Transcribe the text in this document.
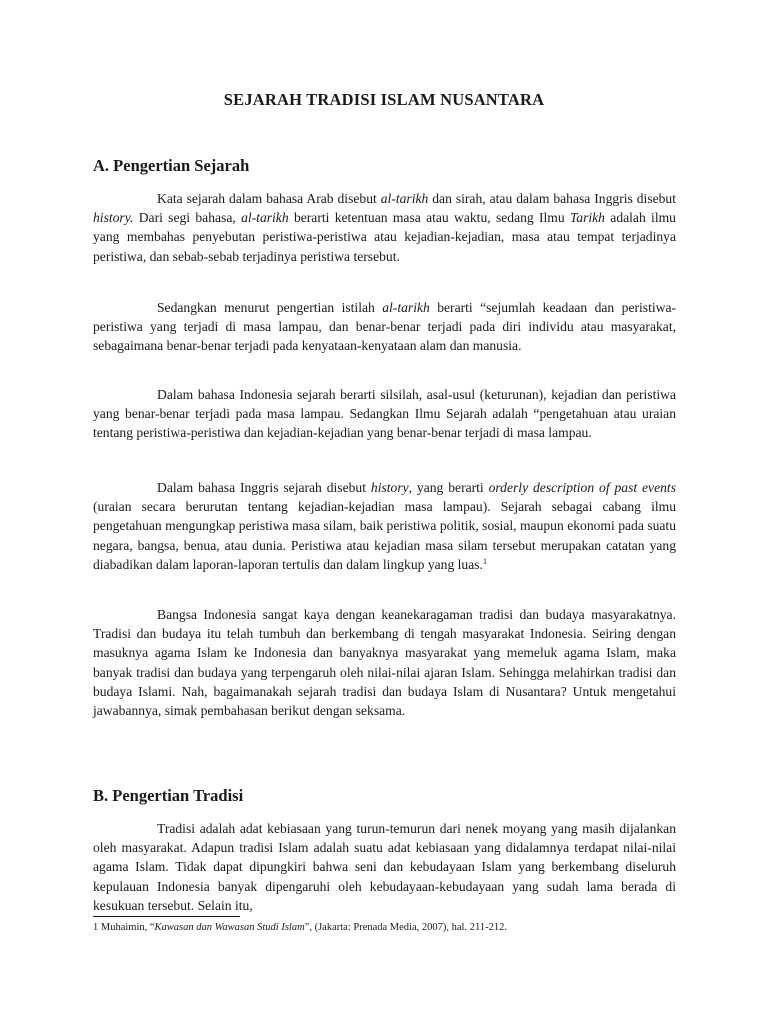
SEJARAH TRADISI ISLAM NUSANTARA
A. Pengertian Sejarah

Kata sejarah dalam bahasa Arab disebut al-tarikh dan sirah, atau dalam bahasa Inggris disebut history. Dari segi bahasa, al-tarikh berarti ketentuan masa atau waktu, sedang Ilmu Tarikh adalah ilmu yang membahas penyebutan peristiwa-peristiwa atau kejadian-kejadian, masa atau tempat terjadinya peristiwa, dan sebab-sebab terjadinya peristiwa tersebut.

Sedangkan menurut pengertian istilah al-tarikh berarti “sejumlah keadaan dan peristiwa-peristiwa yang terjadi di masa lampau, dan benar-benar terjadi pada diri individu atau masyarakat, sebagaimana benar-benar terjadi pada kenyataan-kenyataan alam dan manusia.

Dalam bahasa Indonesia sejarah berarti silsilah, asal-usul (keturunan), kejadian dan peristiwa yang benar-benar terjadi pada masa lampau. Sedangkan Ilmu Sejarah adalah “pengetahuan atau uraian tentang peristiwa-peristiwa dan kejadian-kejadian yang benar-benar terjadi di masa lampau.

Dalam bahasa Inggris sejarah disebut history, yang berarti orderly description of past events (uraian secara berurutan tentang kejadian-kejadian masa lampau). Sejarah sebagai cabang ilmu pengetahuan mengungkap peristiwa masa silam, baik peristiwa politik, sosial, maupun ekonomi pada suatu negara, bangsa, benua, atau dunia. Peristiwa atau kejadian masa silam tersebut merupakan catatan yang diabadikan dalam laporan-laporan tertulis dan dalam lingkup yang luas.$^1$

Bangsa Indonesia sangat kaya dengan keanekaragaman tradisi dan budaya masyarakatnya. Tradisi dan budaya itu telah tumbuh dan berkembang di tengah masyarakat Indonesia. Seiring dengan masuknya agama Islam ke Indonesia dan banyaknya masyarakat yang memeluk agama Islam, maka banyak tradisi dan budaya yang terpengaruh oleh nilai-nilai ajaran Islam. Sehingga melahirkan tradisi dan budaya Islami. Nah, bagaimanakah sejarah tradisi dan budaya Islam di Nusantara? Untuk mengetahui jawabannya, simak pembahasan berikut dengan seksama.

B. Pengertian Tradisi

Tradisi adalah adat kebiasaan yang turun-temurun dari nenek moyang yang masih dijalankan oleh masyarakat. Adapun tradisi Islam adalah suatu adat kebiasaan yang didalamnya terdapat nilai-nilai agama Islam. Tidak dapat dipungkiri bahwa seni dan kebudayaan Islam yang berkembang diseluruh kepulauan Indonesia banyak dipengaruhi oleh kebudayaan-kebudayaan yang sudah lama berada di kesukuan tersebut. Selain itu,

1 Muhaimin, “Kawasan dan Wawasan Studi Islam”, (Jakarta: Prenada Media, 2007), hal. 211-212.
